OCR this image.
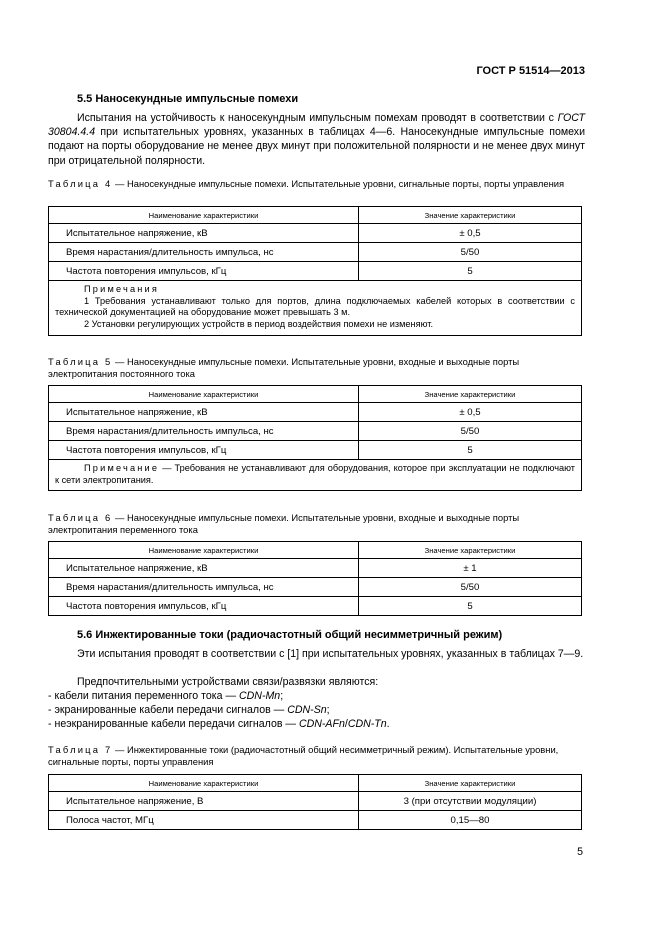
ГОСТ Р 51514—2013
5.5 Наносекундные импульсные помехи
Испытания на устойчивость к наносекундным импульсным помехам проводят в соответствии с ГОСТ 30804.4.4 при испытательных уровнях, указанных в таблицах 4—6. Наносекундные импульсные помехи подают на порты оборудование не менее двух минут при положительной полярности и не менее двух минут при отрицательной полярности.
Таблица 4 — Наносекундные импульсные помехи. Испытательные уровни, сигнальные порты, порты управления
Наименование характеристики	Значение характеристики
Испытательное напряжение, кВ	± 0,5
Время нарастания/длительность импульса, нс	5/50
Частота повторения импульсов, кГц	5

Примечания
1 Требования устанавливают только для портов, длина подключаемых кабелей которых в соответствии с технической документацией на оборудование может превышать 3 м.
2 Установки регулирующих устройств в период воздействия помехи не изменяют.	
Таблица 5 — Наносекундные импульсные помехи. Испытательные уровни, входные и выходные порты электропитания постоянного тока
Наименование характеристики	Значение характеристики
Испытательное напряжение, кВ	± 0,5
Время нарастания/длительность импульса, нс	5/50
Частота повторения импульсов, кГц	5
Примечание — Требования не устанавливают для оборудования, которое при эксплуатации не подключают к сети электропитания.	
Таблица 6 — Наносекундные импульсные помехи. Испытательные уровни, входные и выходные порты электропитания переменного тока
Наименование характеристики	Значение характеристики
Испытательное напряжение, кВ	± 1
Время нарастания/длительность импульса, нс	5/50
Частота повторения импульсов, кГц	5
5.6 Инжектированные токи (радиочастотный общий несимметричный режим)
Эти испытания проводят в соответствии с [1] при испытательных уровнях, указанных в таблицах 7—9.
Предпочтительными устройствами связи/развязки являются:
- кабели питания переменного тока — CDN-Mn;
- экранированные кабели передачи сигналов — CDN-Sn;
- неэкранированные кабели передачи сигналов — CDN-AFn/CDN-Tn.
Таблица 7 — Инжектированные токи (радиочастотный общий несимметричный режим). Испытательные уровни, сигнальные порты, порты управления
Наименование характеристики	Значение характеристики
Испытательное напряжение, В	3 (при отсутствии модуляции)
Полоса частот, МГц	0,15—80
5
